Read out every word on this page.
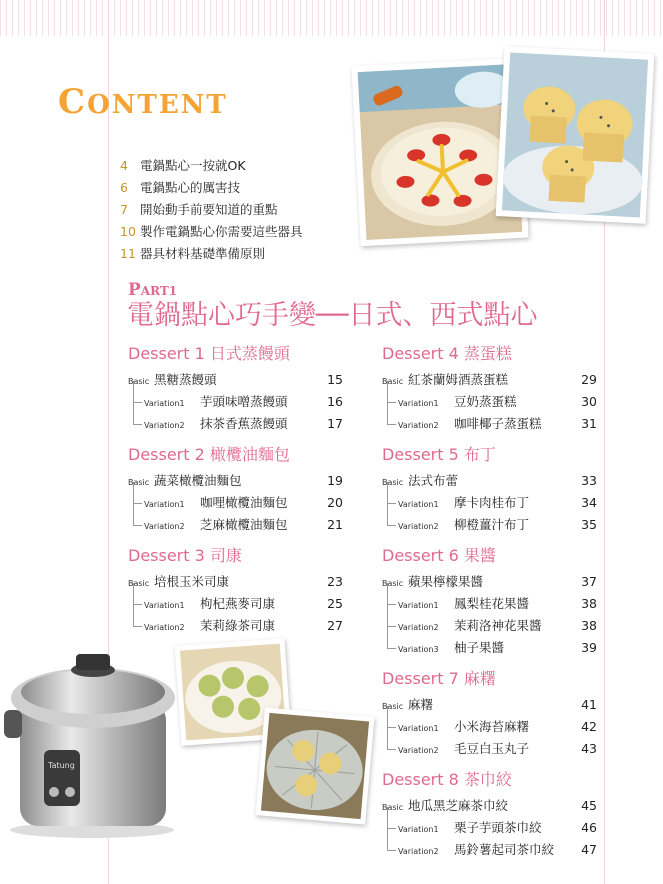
CONTENT
4 電鍋點心一按就OK
6 電鍋點心的厲害技
7 開始動手前要知道的重點
10 製作電鍋點心你需要這些器具
11 器具材料基礎準備原則
PART1
電鍋點心巧手變──日式、西式點心
Dessert 1 日式蒸饅頭
Basic 黑糖蒸饅頭	15
Variation1 芋頭味噌蒸饅頭	16
Variation2 抹茶香蕉蒸饅頭	17
Dessert 2 橄欖油麵包
Basic 蔬菜橄欖油麵包	19
Variation1 咖哩橄欖油麵包	20
Variation2 芝麻橄欖油麵包	21
Dessert 3 司康
Basic 培根玉米司康	23
Variation1 枸杞燕麥司康	25
Variation2 茉莉綠茶司康	27
Dessert 4 蒸蛋糕
Basic 紅茶蘭姆酒蒸蛋糕	29
Variation1 豆奶蒸蛋糕	30
Variation2 咖啡椰子蒸蛋糕	31
Dessert 5 布丁
Basic 法式布蕾	33
Variation1 摩卡肉桂布丁	34
Variation2 柳橙薑汁布丁	35
Dessert 6 果醬
Basic 蘋果檸檬果醬	37
Variation1 鳳梨桂花果醬	38
Variation2 茉莉洛神花果醬	38
Variation3 柚子果醬	39
Dessert 7 麻糬
Basic 麻糬	41
Variation1 小米海苔麻糬	42
Variation2 毛豆白玉丸子	43
Dessert 8 茶巾絞
Basic 地瓜黑芝麻茶巾絞	45
Variation1 栗子芋頭茶巾絞	46
Variation2 馬鈴薯起司茶巾絞 47
Tatung
